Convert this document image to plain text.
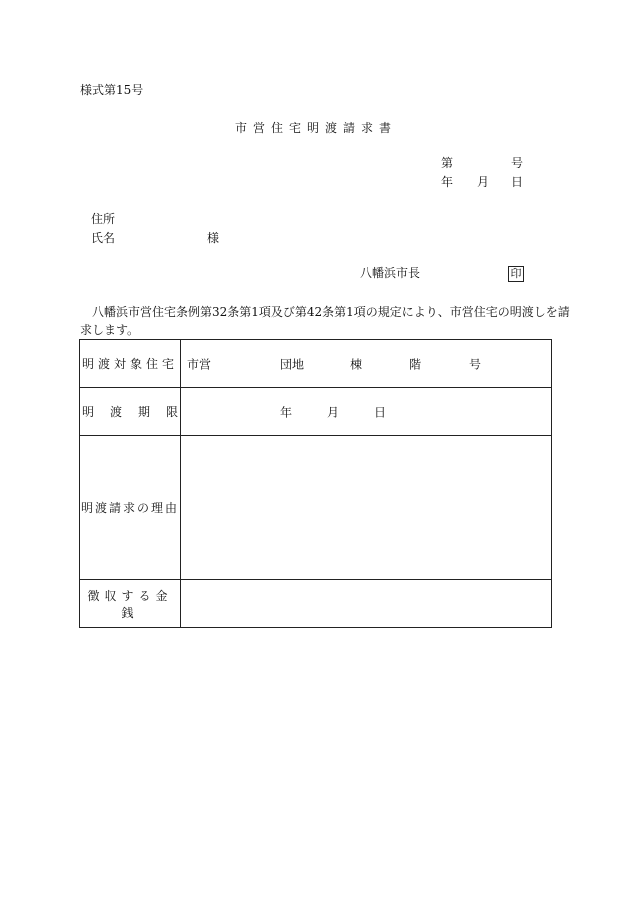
様式第15号
市営住宅明渡請求書
第	号
年 月 日
住所
氏名	様
八幡浜市長	印
八幡浜市営住宅条例第32条第1項及び第42条第1項の規定により、市営住宅の明渡しを請
求します。
明渡対象住宅	市営 団地 棟 階 号

明渡期限	年 月 日

明渡請求の理由	
徴収する金銭	
